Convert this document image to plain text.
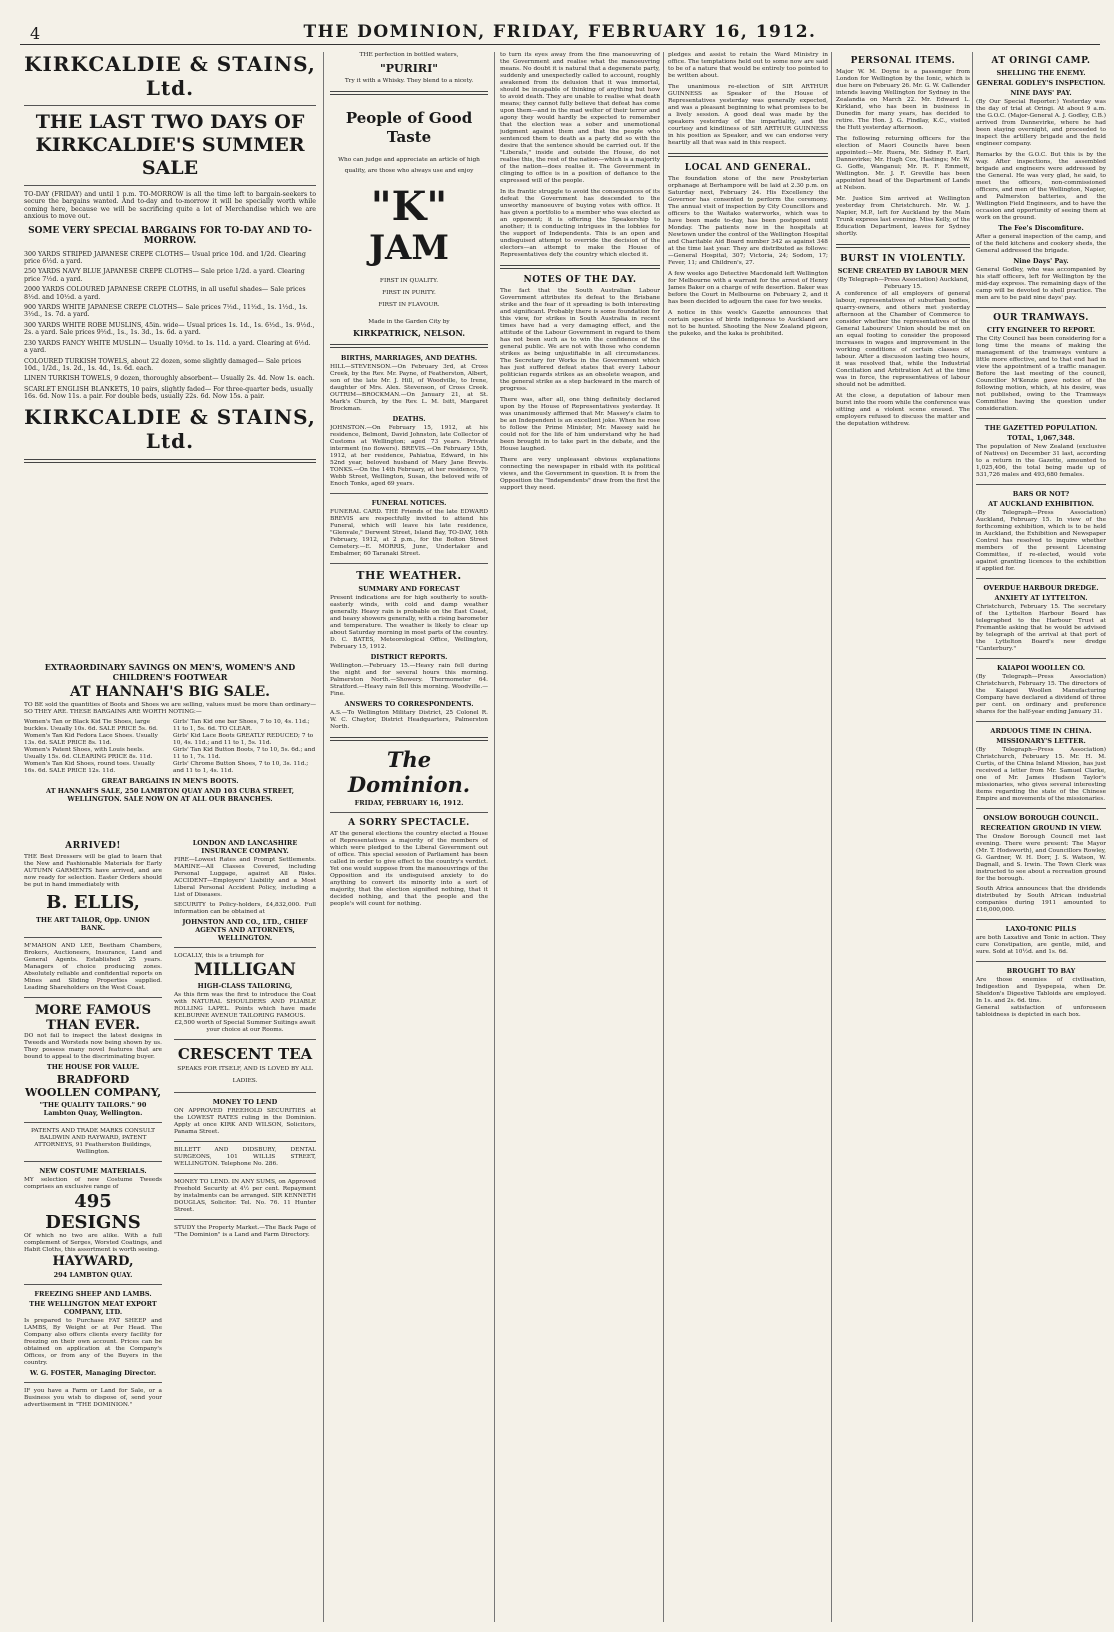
4	THE DOMINION, FRIDAY, FEBRUARY 16, 1912.
KIRKCALDIE & STAINS, Ltd.
THE LAST TWO DAYS OF KIRKCALDIE'S SUMMER SALE
TO-DAY (FRIDAY) and until 1 p.m. TO-MORROW is all the time left to bargain-seekers to secure the bargains wanted. And to-day and to-morrow it will be specially worth while coming here, because we will be sacrificing quite a lot of Merchandise which we are anxious to move out.
SOME VERY SPECIAL BARGAINS FOR TO-DAY AND TO-MORROW.
300 YARDS STRIPED JAPANESE CREPE CLOTHS— Usual price 10d. and 1/2d. Clearing price 6½d. a yard.
250 YARDS NAVY BLUE JAPANESE CREPE CLOTHS— Sale price 1/2d. a yard. Clearing price 7½d. a yard.
2000 YARDS COLOURED JAPANESE CREPE CLOTHS, in all useful shades— Sale prices 8½d. and 10½d. a yard.
900 YARDS WHITE JAPANESE CREPE CLOTHS— Sale prices 7½d., 11½d., 1s. 1½d., 1s. 3½d., 1s. 7d. a yard.
300 YARDS WHITE ROBE MUSLINS, 45in. wide— Usual prices 1s. 1d., 1s. 6½d., 1s. 9½d., 2s. a yard. Sale prices 9½d., 1s., 1s. 3d., 1s. 6d. a yard.
230 YARDS FANCY WHITE MUSLIN— Usually 10½d. to 1s. 11d. a yard. Clearing at 6½d. a yard.
COLOURED TURKISH TOWELS, about 22 dozen, some slightly damaged— Sale prices 10d., 1/2d., 1s. 2d., 1s. 4d., 1s. 6d. each.
LINEN TURKISH TOWELS, 9 dozen, thoroughly absorbent— Usually 2s. 4d. Now 1s. each.
SCARLET ENGLISH BLANKETS, 10 pairs, slightly faded— For three-quarter beds, usually 16s. 6d. Now 11s. a pair. For double beds, usually 22s. 6d. Now 15s. a pair.
KIRKCALDIE & STAINS, Ltd.
EXTRAORDINARY SAVINGS ON MEN'S, WOMEN'S AND CHILDREN'S FOOTWEAR
AT HANNAH'S BIG SALE.
TO BE sold the quantities of Boots and Shoes we are selling, values must be more than ordinary—SO THEY ARE. THESE BARGAINS ARE WORTH NOTING:—
Women's Tan or Black Kid Tie Shoes, large buckles. Usually 10s. 6d. SALE PRICE 5s. 6d.
Women's Tan Kid Fedora Lace Shoes. Usually 13s. 6d. SALE PRICE 8s. 11d.
Women's Patent Shoes, with Louis heels. Usually 15s. 6d. CLEARING PRICE 8s. 11d.
Women's Tan Kid Shoes, round toes. Usually 16s. 6d. SALE PRICE 12s. 11d.
Girls' Tan Kid one bar Shoes, 7 to 10, 4s. 11d.; 11 to 1, 5s. 6d. TO CLEAR.
Girls' Kid Lace Boots GREATLY REDUCED; 7 to 10, 4s. 11d.; and 11 to 1, 5s. 11d.
Girls' Tan Kid Button Boots, 7 to 10, 5s. 6d.; and 11 to 1, 7s. 11d.
Girls' Chrome Button Shoes, 7 to 10, 3s. 11d.; and 11 to 1, 4s. 11d.
GREAT BARGAINS IN MEN'S BOOTS.
AT HANNAH'S SALE, 250 LAMBTON QUAY AND 103 CUBA STREET, WELLINGTON. SALE NOW ON AT ALL OUR BRANCHES.
ARRIVED!
THE Best Dressers will be glad to learn that the New and Fashionable Materials for Early AUTUMN GARMENTS have arrived, and are now ready for selection. Easter Orders should be put in hand immediately with
B. ELLIS,
THE ART TAILOR, Opp. UNION BANK.
M'MAHON AND LEE, Beetham Chambers, Brokers, Auctioneers, Insurance, Land and General Agents. Established 25 years. Managers of choice producing zones. Absolutely reliable and confidential reports on Mines and Sliding Properties supplied. Leading Shareholders on the West Coast.
MORE FAMOUS THAN EVER.
DO not fail to inspect the latest designs in Tweeds and Worsteds now being shown by us. They possess many novel features that are bound to appeal to the discriminating buyer.
THE HOUSE FOR VALUE.
BRADFORD WOOLLEN COMPANY,
"THE QUALITY TAILORS." 90 Lambton Quay, Wellington.
PATENTS AND TRADE MARKS CONSULT BALDWIN AND RAYWARD, PATENT ATTORNEYS, 91 Featherston Buildings, Wellington.
NEW COSTUME MATERIALS.
MY selection of new Costume Tweeds comprises an exclusive range of
495 DESIGNS
Of which no two are alike. With a full complement of Serges, Worsted Coatings, and Habit Cloths, this assortment is worth seeing.
HAYWARD,
294 LAMBTON QUAY.
FREEZING SHEEP AND LAMBS.
THE WELLINGTON MEAT EXPORT COMPANY, LTD.
Is prepared to Purchase FAT SHEEP and LAMBS, By Weight or at Per Head. The Company also offers clients every facility for freezing on their own account. Prices can be obtained on application at the Company's Offices, or from any of the Buyers in the country.
W. G. FOSTER, Managing Director.
IF you have a Farm or Land for Sale, or a Business you wish to dispose of, send your advertisement in "THE DOMINION."
LONDON AND LANCASHIRE INSURANCE COMPANY.
FIRE—Lowest Rates and Prompt Settlements. MARINE—All Classes Covered, including Personal Luggage, against All Risks. ACCIDENT—Employers' Liability and a Most Liberal Personal Accident Policy, including a List of Diseases.
SECURITY to Policy-holders, £4,832,000. Full information can be obtained at
JOHNSTON AND CO., LTD., CHIEF AGENTS AND ATTORNEYS, WELLINGTON.
LOCALLY, this is a triumph for
MILLIGAN
HIGH-CLASS TAILORING,
As this firm was the first to introduce the Coat with NATURAL SHOULDERS AND PLIABLE ROLLING LAPEL. Points which have made KELBURNE AVENUE TAILORING FAMOUS.
£2,500 worth of Special Summer Suitings await your choice at our Rooms.
CRESCENT TEA
SPEAKS FOR ITSELF, AND IS LOVED BY ALL LADIES.
MONEY TO LEND
ON APPROVED FREEHOLD SECURITIES at the LOWEST RATES ruling in the Dominion. Apply at once KIRK AND WILSON, Solicitors, Panama Street.
BILLETT AND DIDSBURY, DENTAL SURGEONS, 101 WILLIS STREET, WELLINGTON. Telephone No. 286.
MONEY TO LEND. IN ANY SUMS, on Approved Freehold Security at 4½ per cent. Repayment by instalments can be arranged. SIR KENNETH DOUGLAS, Solicitor. Tel. No. 76. 11 Hunter Street.
STUDY the Property Market.—The Back Page of "The Dominion" is a Land and Farm Directory.
THE perfection in bottled waters,
"PURIRI"
Try it with a Whisky. They blend to a nicety.
People of Good Taste
Who can judge and appreciate an article of high quality, are those who always use and enjoy
"K"
JAM
FIRST IN QUALITY.
FIRST IN PURITY.
FIRST IN FLAVOUR.
Made in the Garden City by
KIRKPATRICK, NELSON.
BIRTHS, MARRIAGES, AND DEATHS.
HILL—STEVENSON.—On February 3rd, at Cross Creek, by the Rev. Mr. Payne, of Featherston, Albert, son of the late Mr. J. Hill, of Woodville, to Irene, daughter of Mrs. Alex. Stevenson, of Cross Creek. OUTRIM—BROCKMAN.—On January 21, at St. Mark's Church, by the Rev. L. M. Isitt, Margaret Brockman.
DEATHS.
JOHNSTON.—On February 15, 1912, at his residence, Belmont, David Johnston, late Collector of Customs at Wellington; aged 73 years. Private interment (no flowers). BREVIS.—On February 15th, 1912, at her residence, Pahiatua, Edward, in his 52nd year, beloved husband of Mary Jane Brevis. TONKS.—On the 14th February, at her residence, 79 Webb Street, Wellington, Susan, the beloved wife of Enoch Tonks, aged 69 years.
FUNERAL NOTICES.
FUNERAL CARD. THE Friends of the late EDWARD BREVIS are respectfully invited to attend his Funeral, which will leave his late residence, "Glenvale," Derwent Street, Island Bay, TO-DAY, 16th February, 1912, at 2 p.m., for the Bolton Street Cemetery.—E. MORRIS, Junr., Undertaker and Embalmer, 60 Taranaki Street.
THE WEATHER.
SUMMARY AND FORECAST
Present indications are for high southerly to south-easterly winds, with cold and damp weather generally. Heavy rain is probable on the East Coast, and heavy showers generally, with a rising barometer and temperature. The weather is likely to clear up about Saturday morning in most parts of the country. D. C. BATES, Meteorological Office, Wellington, February 15, 1912.
DISTRICT REPORTS.
Wellington.—February 15.—Heavy rain fell during the night and for several hours this morning. Palmerston North.—Showery. Thermometer 64. Stratford.—Heavy rain fell this morning. Woodville.—Fine.
ANSWERS TO CORRESPONDENTS.
A.S.—To Wellington Military District, 25 Colonel R. W. C. Chaytor, District Headquarters, Palmerston North.
The Dominion.
FRIDAY, FEBRUARY 16, 1912.
A SORRY SPECTACLE.
AT the general elections the country elected a House of Representatives a majority of the members of which were pledged to the Liberal Government out of office. This special session of Parliament has been called in order to give effect to the country's verdict. Yet one would suppose from the manoeuvrings of the Opposition and its undisguised anxiety to do anything to convert its minority into a sort of majority, that the election signified nothing, that it decided nothing, and that the people and the people's will count for nothing.
to turn its eyes away from the fine manoeuvring of the Government and realise what the manoeuvring means. No doubt it is natural that a degenerate party, suddenly and unexpectedly called to account, roughly awakened from its delusion that it was immortal, should be incapable of thinking of anything but how to avoid death. They are unable to realise what death means; they cannot fully believe that defeat has come upon them—and in the mad welter of their terror and agony they would hardly be expected to remember that the election was a sober and unemotional judgment against them and that the people who sentenced them to death as a party did so with the desire that the sentence should be carried out. If the "Liberals," inside and outside the House, do not realise this, the rest of the nation—which is a majority of the nation—does realise it. The Government in clinging to office is in a position of defiance to the expressed will of the people.
In its frantic struggle to avoid the consequences of its defeat the Government has descended to the unworthy manoeuvre of buying votes with office. It has given a portfolio to a member who was elected as an opponent; it is offering the Speakership to another; it is conducting intrigues in the lobbies for the support of Independents. This is an open and undisguised attempt to override the decision of the electors—an attempt to make the House of Representatives defy the country which elected it.
NOTES OF THE DAY.
The fact that the South Australian Labour Government attributes its defeat to the Brisbane strike and the fear of it spreading is both interesting and significant. Probably there is some foundation for this view, for strikes in South Australia in recent times have had a very damaging effect, and the attitude of the Labour Government in regard to them has not been such as to win the confidence of the general public. We are not with those who condemn strikes as being unjustifiable in all circumstances. The Secretary for Works in the Government which has just suffered defeat states that every Labour politician regards strikes as an obsolete weapon, and the general strike as a step backward in the march of progress.
There was, after all, one thing definitely declared upon by the House of Representatives yesterday. It was unanimously affirmed that Mr. Massey's claim to be an Independent is an excellent joke. When he rose to follow the Prime Minister, Mr. Massey said he could not for the life of him understand why he had been brought in to take part in the debate, and the House laughed.
There are very unpleasant obvious explanations connecting the newspaper in ribald with its political views, and the Government in question. It is from the Opposition the "Independents" draw from the first the support they need.
pledges and assist to retain the Ward Ministry in office. The temptations held out to some now are said to be of a nature that would be entirely too pointed to be written about.
The unanimous re-election of SIR ARTHUR GUINNESS as Speaker of the House of Representatives yesterday was generally expected, and was a pleasant beginning to what promises to be a lively session. A good deal was made by the speakers yesterday of the impartiality, and the courtesy and kindliness of SIR ARTHUR GUINNESS in his position as Speaker, and we can endorse very heartily all that was said in this respect.
LOCAL AND GENERAL.
The foundation stone of the new Presbyterian orphanage at Berhampore will be laid at 2.30 p.m. on Saturday next, February 24. His Excellency the Governor has consented to perform the ceremony. The annual visit of inspection by City Councillors and officers to the Waitako waterworks, which was to have been made to-day, has been postponed until Monday. The patients now in the hospitals at Newtown under the control of the Wellington Hospital and Charitable Aid Board number 342 as against 348 at the time last year. They are distributed as follows:—General Hospital, 307; Victoria, 24; Sodom, 17; Fever, 11; and Children's, 27.
A few weeks ago Detective Macdonald left Wellington for Melbourne with a warrant for the arrest of Henry James Baker on a charge of wife desertion. Baker was before the Court in Melbourne on February 2, and it has been decided to adjourn the case for two weeks.
A notice in this week's Gazette announces that certain species of birds indigenous to Auckland are not to be hunted. Shooting the New Zealand pigeon, the pukeko, and the kaka is prohibited.
PERSONAL ITEMS.
Major W. M. Doyne is a passenger from London for Wellington by the Ionic, which is due here on February 26. Mr. G. W. Callender intends leaving Wellington for Sydney in the Zealandia on March 22. Mr. Edward L. Kirkland, who has been in business in Dunedin for many years, has decided to retire. The Hon. J. G. Findlay, K.C., visited the Hutt yesterday afternoon.
The following returning officers for the election of Maori Councils have been appointed:—Mr. Ruera, Mr. Sidney F. Earl, Dannevirke; Mr. Hugh Cox, Hastings; Mr. W. G. Goffe, Wanganui; Mr. R. F. Emmett, Wellington. Mr. J. F. Greville has been appointed head of the Department of Lands at Nelson.
Mr. Justice Sim arrived at Wellington yesterday from Christchurch. Mr. W. J. Napier, M.P., left for Auckland by the Main Trunk express last evening. Miss Kelly, of the Education Department, leaves for Sydney shortly.
BURST IN VIOLENTLY.
SCENE CREATED BY LABOUR MEN
(By Telegraph—Press Association) Auckland, February 15.
A conference of all employers of general labour, representatives of suburban bodies, quarry-owners, and others met yesterday afternoon at the Chamber of Commerce to consider whether the representatives of the General Labourers' Union should be met on an equal footing to consider the proposed increases in wages and improvement in the working conditions of certain classes of labour. After a discussion lasting two hours, it was resolved that, while the Industrial Conciliation and Arbitration Act at the time was in force, the representatives of labour should not be admitted.
At the close, a deputation of labour men burst into the room while the conference was sitting and a violent scene ensued. The employers refused to discuss the matter and the deputation withdrew.
AT ORINGI CAMP.
SHELLING THE ENEMY.
GENERAL GODLEY'S INSPECTION.
NINE DAYS' PAY.
(By Our Special Reporter.) Yesterday was the day of trial at Oringi. At about 9 a.m. the G.O.C. (Major-General A. J. Godley, C.B.) arrived from Dannevirke, where he had been staying overnight, and proceeded to inspect the artillery brigade and the field engineer company.
Remarks by the G.O.C. But this is by the way. After inspections, the assembled brigade and engineers were addressed by the General. He was very glad, he said, to meet the officers, non-commissioned officers, and men of the Wellington, Napier, and Palmerston batteries, and the Wellington Field Engineers, and to have the occasion and opportunity of seeing them at work on the ground.
The Fee's Discomfiture.
After a general inspection of the camp, and of the field kitchens and cookery sheds, the General addressed the brigade.
Nine Days' Pay.
General Godley, who was accompanied by his staff officers, left for Wellington by the mid-day express. The remaining days of the camp will be devoted to shell practice. The men are to be paid nine days' pay.
OUR TRAMWAYS.
CITY ENGINEER TO REPORT.
The City Council has been considering for a long time the means of making the management of the tramways venture a little more effective, and to that end had in view the appointment of a traffic manager. Before the last meeting of the council, Councillor M'Kenzie gave notice of the following motion, which, at his desire, was not published, owing to the Tramways Committee having the question under consideration.
THE GAZETTED POPULATION.
TOTAL, 1,067,348.
The population of New Zealand (exclusive of Natives) on December 31 last, according to a return in the Gazette, amounted to 1,025,406, the total being made up of 531,726 males and 493,680 females.
BARS OR NOT?
AT AUCKLAND EXHIBITION.
(By Telegraph—Press Association) Auckland, February 15. In view of the forthcoming exhibition, which is to be held in Auckland, the Exhibition and Newspaper Control has resolved to inquire whether members of the present Licensing Committee, if re-elected, would vote against granting licences to the exhibition if applied for.
OVERDUE HARBOUR DREDGE.
ANXIETY AT LYTTELTON.
Christchurch, February 15. The secretary of the Lyttelton Harbour Board has telegraphed to the Harbour Trust at Fremantle asking that he would be advised by telegraph of the arrival at that port of the Lyttelton Board's new dredge "Canterbury."
KAIAPOI WOOLLEN CO.
(By Telegraph—Press Association) Christchurch, February 15. The directors of the Kaiapoi Woollen Manufacturing Company have declared a dividend of three per cent. on ordinary and preference shares for the half-year ending January 31.
ARDUOUS TIME IN CHINA.
MISSIONARY'S LETTER.
(By Telegraph—Press Association) Christchurch, February 15. Mr. H. M. Curtis, of the China Inland Mission, has just received a letter from Mr. Samuel Clarke, one of Mr. James Hudson Taylor's missionaries, who gives several interesting items regarding the state of the Chinese Empire and movements of the missionaries.
ONSLOW BOROUGH COUNCIL.
RECREATION GROUND IN VIEW.
The Onslow Borough Council met last evening. There were present: The Mayor (Mr. T. Hodsworth), and Councillors Rowley, G. Gardner, W. H. Dorr, J. S. Watson, W. Dagnall, and S. Irwin. The Town Clerk was instructed to see about a recreation ground for the borough.
South Africa announces that the dividends distributed by South African industrial companies during 1911 amounted to £16,000,000.
LAXO-TONIC PILLS
are both Laxative and Tonic in action. They cure Constipation, are gentle, mild, and sure. Sold at 10½d. and 1s. 6d.
BROUGHT TO BAY
Are those enemies of civilisation, Indigestion and Dyspepsia, when Dr. Sheldon's Digestive Tabloids are employed. In 1s. and 2s. 6d. tins.
General satisfaction of unforeseen tabloidness is depicted in each box.
